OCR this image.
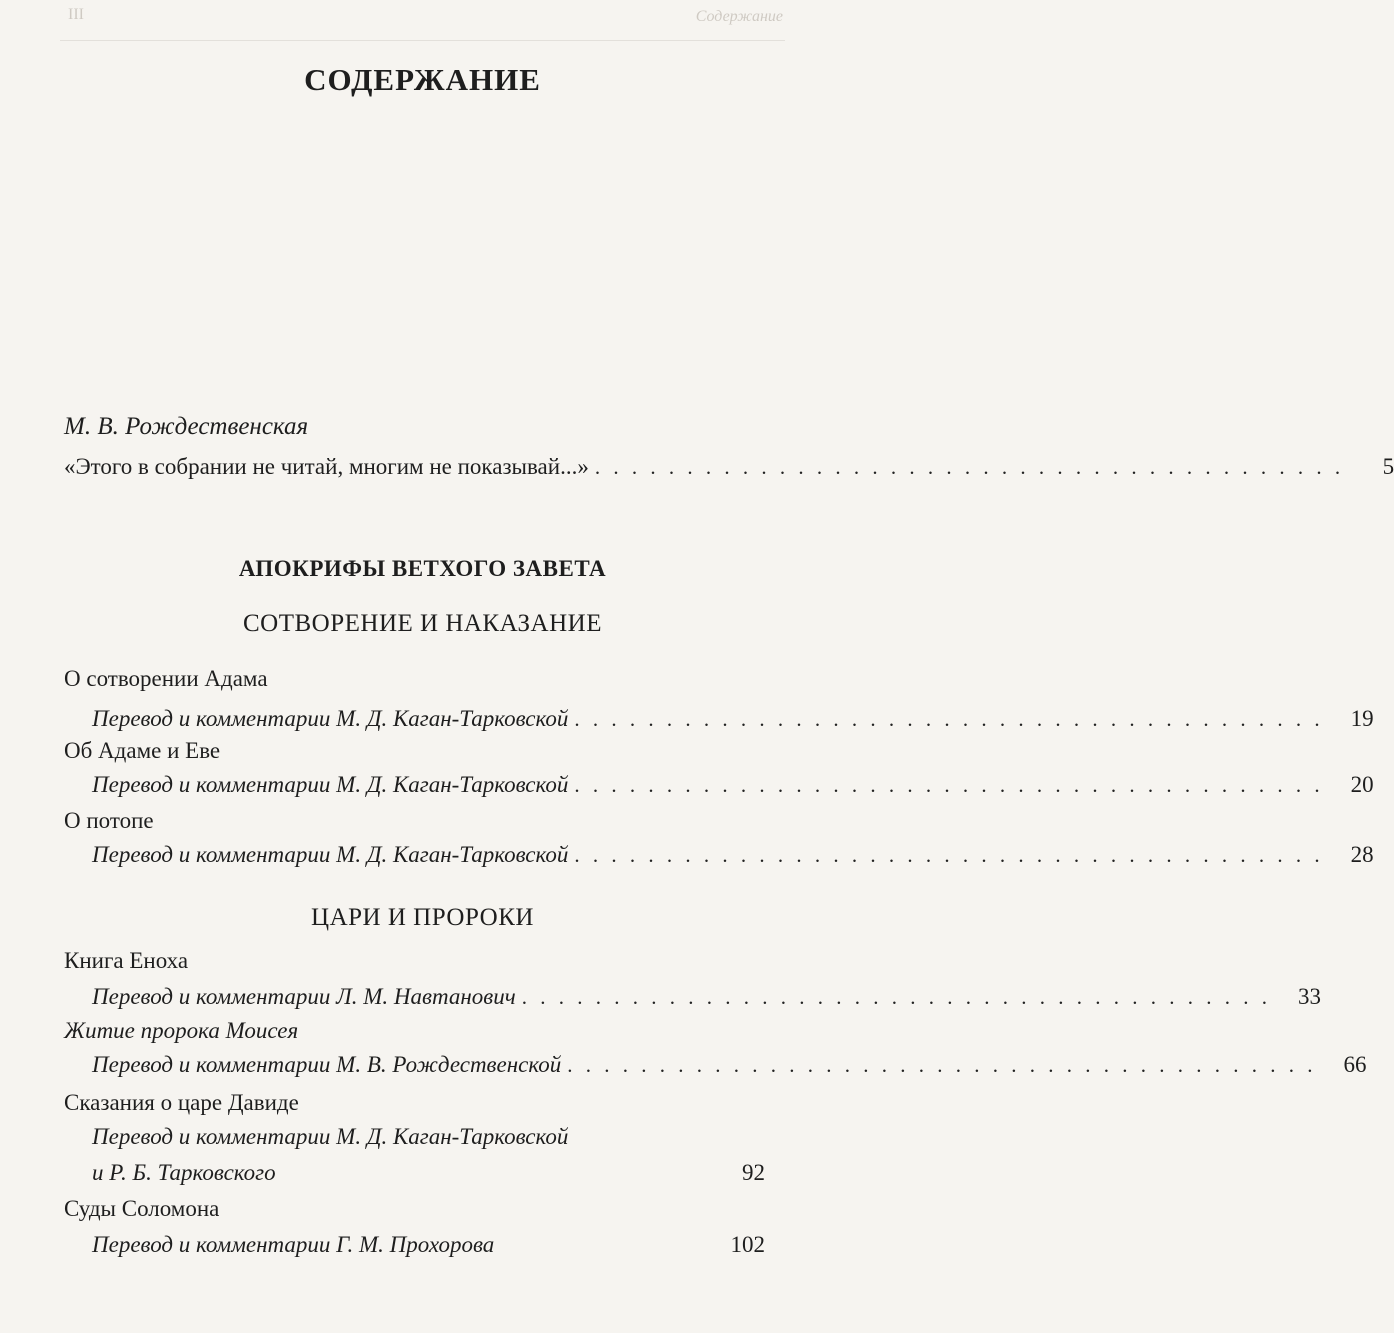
III	Содержание
СОДЕРЖАНИЕ
М. В. Рождественская
«Этого в собрании не читай, многим не показывай...» . . . . . . . . . . . . . . . . . . . . . . . . . . . . . . . . . . . . . . . . .	5
АПОКРИФЫ ВЕТХОГО ЗАВЕТА
СОТВОРЕНИЕ И НАКАЗАНИЕ
О сотворении Адама
Перевод и комментарии М. Д. Каган-Тарковской . . . . . . . . . . . . . . . . . . . . . . . . . . . . . . . . . . . . . . . . .	19
Об Адаме и Еве
Перевод и комментарии М. Д. Каган-Тарковской . . . . . . . . . . . . . . . . . . . . . . . . . . . . . . . . . . . . . . . . .	20
О потопе
Перевод и комментарии М. Д. Каган-Тарковской . . . . . . . . . . . . . . . . . . . . . . . . . . . . . . . . . . . . . . . . .	28
ЦАРИ И ПРОРОКИ
Книга Еноха
Перевод и комментарии Л. М. Навтанович . . . . . . . . . . . . . . . . . . . . . . . . . . . . . . . . . . . . . . . . .	33
Житие пророка Моисея
Перевод и комментарии М. В. Рождественской . . . . . . . . . . . . . . . . . . . . . . . . . . . . . . . . . . . . . . . . .	66
Сказания о царе Давиде
Перевод и комментарии М. Д. Каган-Тарковской
и Р. Б. Тарковского	92
Суды Соломона
Перевод и комментарии Г. М. Прохорова	102
